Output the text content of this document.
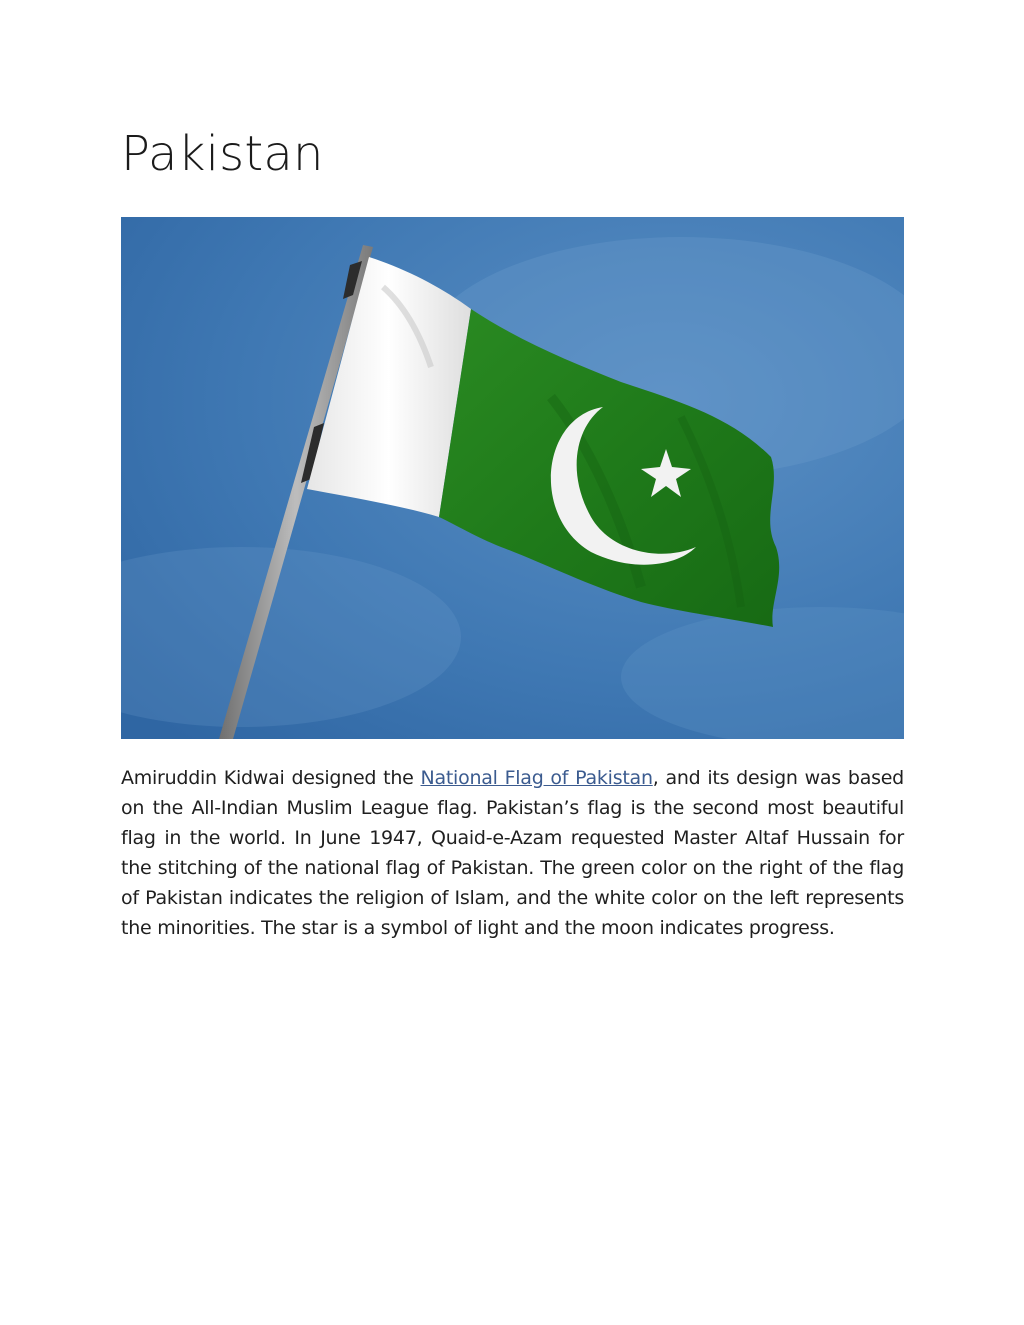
Pakistan

Amiruddin Kidwai designed the National Flag of Pakistan, and its design was based on the All-Indian Muslim League flag. Pakistan’s flag is the second most beautiful flag in the world. In June 1947, Quaid-e-Azam requested Master Altaf Hussain for the stitching of the national flag of Pakistan. The green color on the right of the flag of Pakistan indicates the religion of Islam, and the white color on the left represents the minorities. The star is a symbol of light and the moon indicates progress.
